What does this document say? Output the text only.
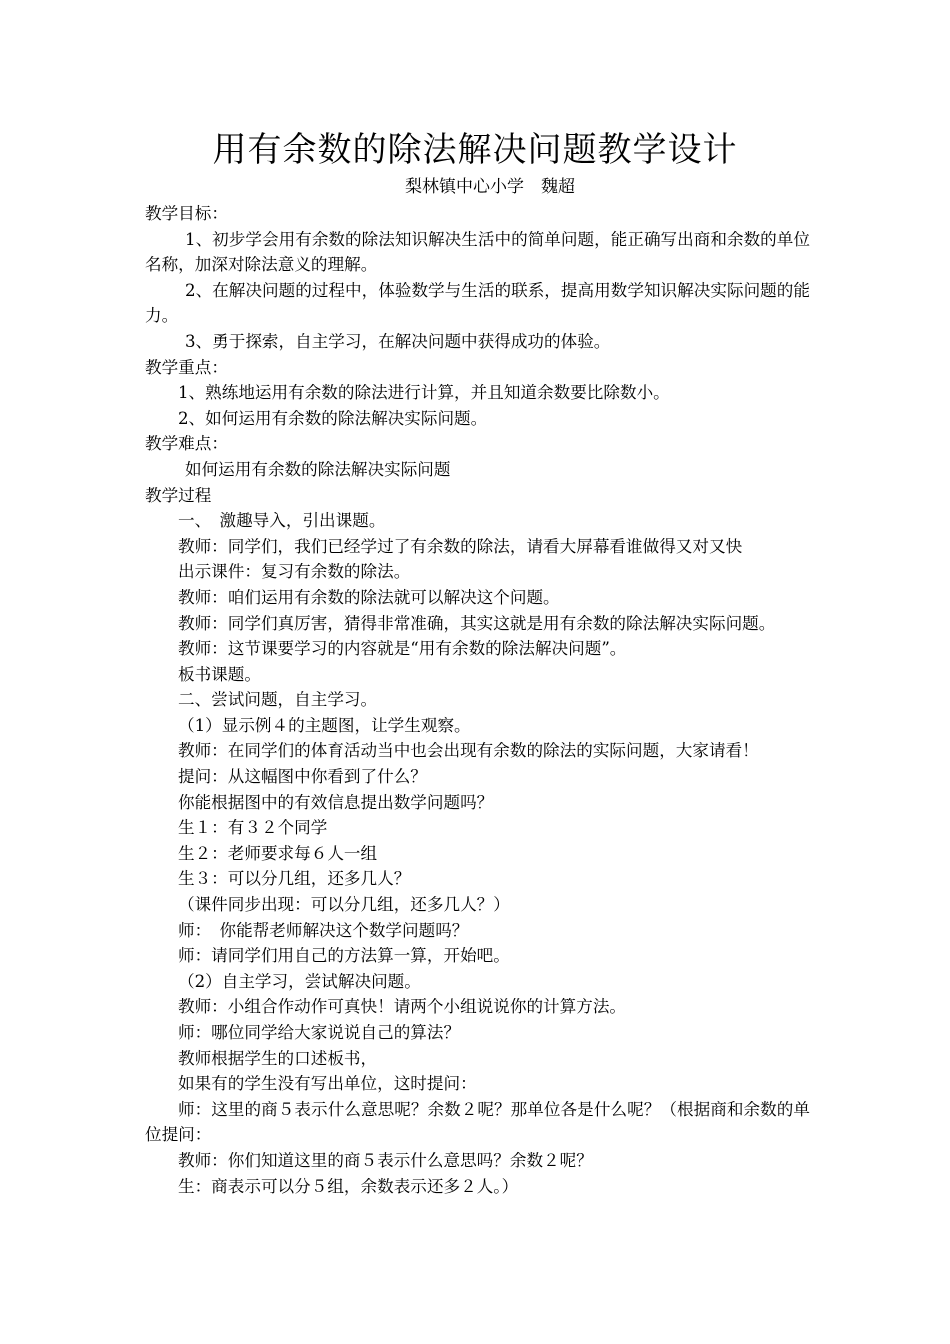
用有余数的除法解决问题教学设计
梨林镇中心小学　魏超
教学目标：
1、初步学会用有余数的除法知识解决生活中的简单问题，能正确写出商和余数的单位名称，加深对除法意义的理解。
2、在解决问题的过程中，体验数学与生活的联系，提高用数学知识解决实际问题的能力。
3、勇于探索，自主学习，在解决问题中获得成功的体验。
教学重点：
1、熟练地运用有余数的除法进行计算，并且知道余数要比除数小。
2、如何运用有余数的除法解决实际问题。
教学难点：
如何运用有余数的除法解决实际问题
教学过程
一、　激趣导入，引出课题。
教师：同学们，我们已经学过了有余数的除法，请看大屏幕看谁做得又对又快
出示课件：复习有余数的除法。
教师：咱们运用有余数的除法就可以解决这个问题。
教师：同学们真厉害，猜得非常准确，其实这就是用有余数的除法解决实际问题。
教师：这节课要学习的内容就是“用有余数的除法解决问题”。
板书课题。
二、尝试问题，自主学习。
（1）显示例４的主题图，让学生观察。
教师：在同学们的体育活动当中也会出现有余数的除法的实际问题，大家请看！
提问：从这幅图中你看到了什么？
你能根据图中的有效信息提出数学问题吗？
生１：有３２个同学
生２：老师要求每６人一组
生３：可以分几组，还多几人？
（课件同步出现：可以分几组，还多几人？）
师：　你能帮老师解决这个数学问题吗？
师：请同学们用自己的方法算一算，开始吧。
（2）自主学习，尝试解决问题。
教师：小组合作动作可真快！请两个小组说说你的计算方法。
师：哪位同学给大家说说自己的算法？
教师根据学生的口述板书，
如果有的学生没有写出单位，这时提问：
师：这里的商５表示什么意思呢？余数２呢？那单位各是什么呢？（根据商和余数的单位提问：
教师：你们知道这里的商５表示什么意思吗？余数２呢？
生：商表示可以分５组，余数表示还多２人。）
